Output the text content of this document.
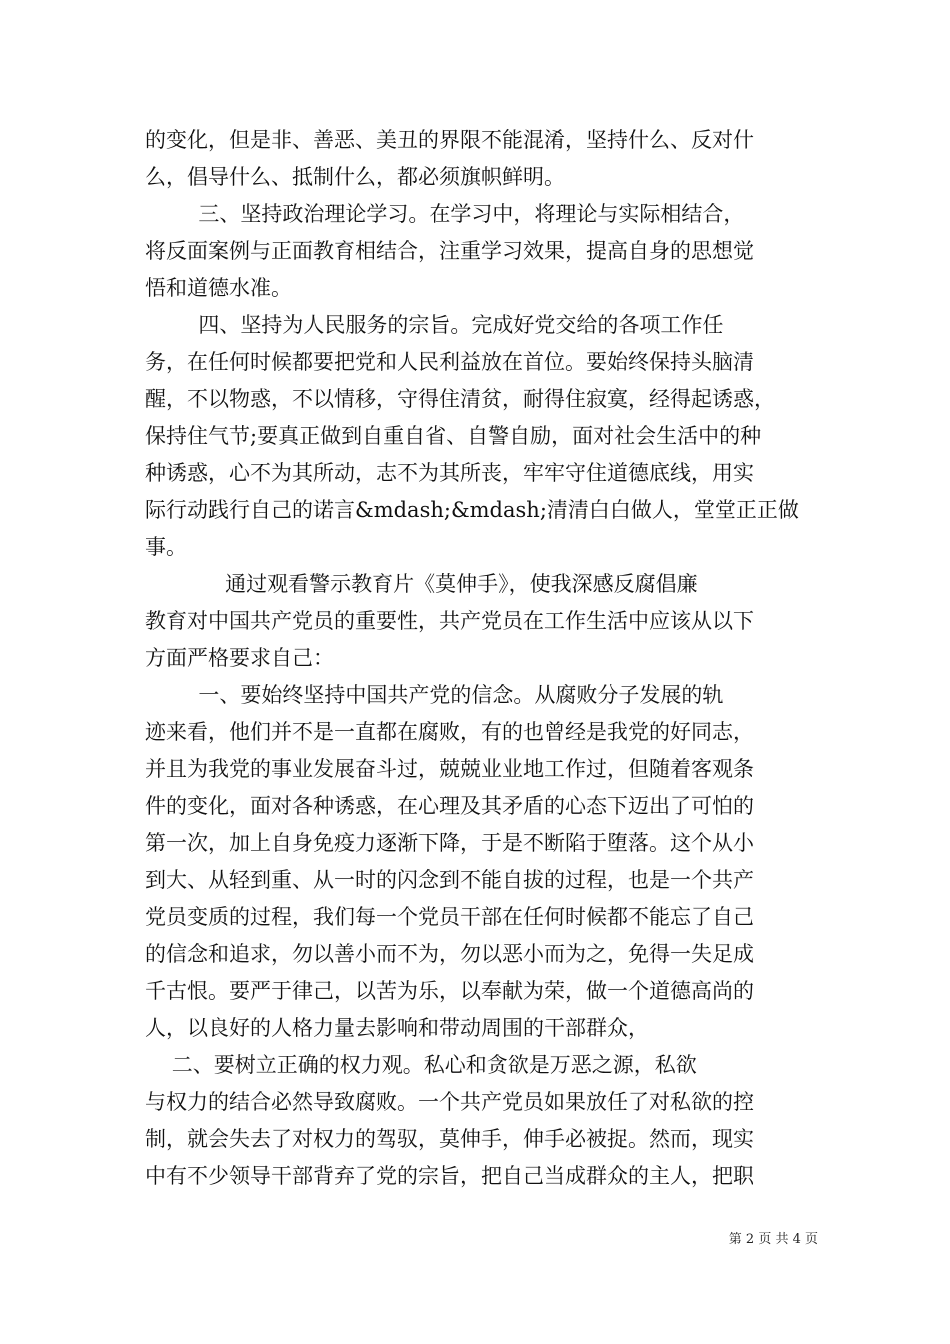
的变化，但是非、善恶、美丑的界限不能混淆，坚持什么、反对什
么，倡导什么、抵制什么，都必须旗帜鲜明。
三、坚持政治理论学习。在学习中，将理论与实际相结合，
将反面案例与正面教育相结合，注重学习效果，提高自身的思想觉
悟和道德水准。
四、坚持为人民服务的宗旨。完成好党交给的各项工作任
务，在任何时候都要把党和人民利益放在首位。要始终保持头脑清
醒，不以物惑，不以情移，守得住清贫，耐得住寂寞，经得起诱惑，
保持住气节;要真正做到自重自省、自警自励，面对社会生活中的种
种诱惑，心不为其所动，志不为其所丧，牢牢守住道德底线，用实
际行动践行自己的诺言&mdash;&mdash;清清白白做人，堂堂正正做
事。
通过观看警示教育片《莫伸手》，使我深感反腐倡廉
教育对中国共产党员的重要性，共产党员在工作生活中应该从以下
方面严格要求自己：
一、要始终坚持中国共产党的信念。从腐败分子发展的轨
迹来看，他们并不是一直都在腐败，有的也曾经是我党的好同志，
并且为我党的事业发展奋斗过，兢兢业业地工作过，但随着客观条
件的变化，面对各种诱惑，在心理及其矛盾的心态下迈出了可怕的
第一次，加上自身免疫力逐渐下降，于是不断陷于堕落。这个从小
到大、从轻到重、从一时的闪念到不能自拔的过程，也是一个共产
党员变质的过程，我们每一个党员干部在任何时候都不能忘了自己
的信念和追求，勿以善小而不为，勿以恶小而为之，免得一失足成
千古恨。要严于律己，以苦为乐，以奉献为荣，做一个道德高尚的
人，以良好的人格力量去影响和带动周围的干部群众，
二、要树立正确的权力观。私心和贪欲是万恶之源，私欲
与权力的结合必然导致腐败。一个共产党员如果放任了对私欲的控
制，就会失去了对权力的驾驭，莫伸手，伸手必被捉。然而，现实
中有不少领导干部背弃了党的宗旨，把自己当成群众的主人，把职
第 2 页 共 4 页
